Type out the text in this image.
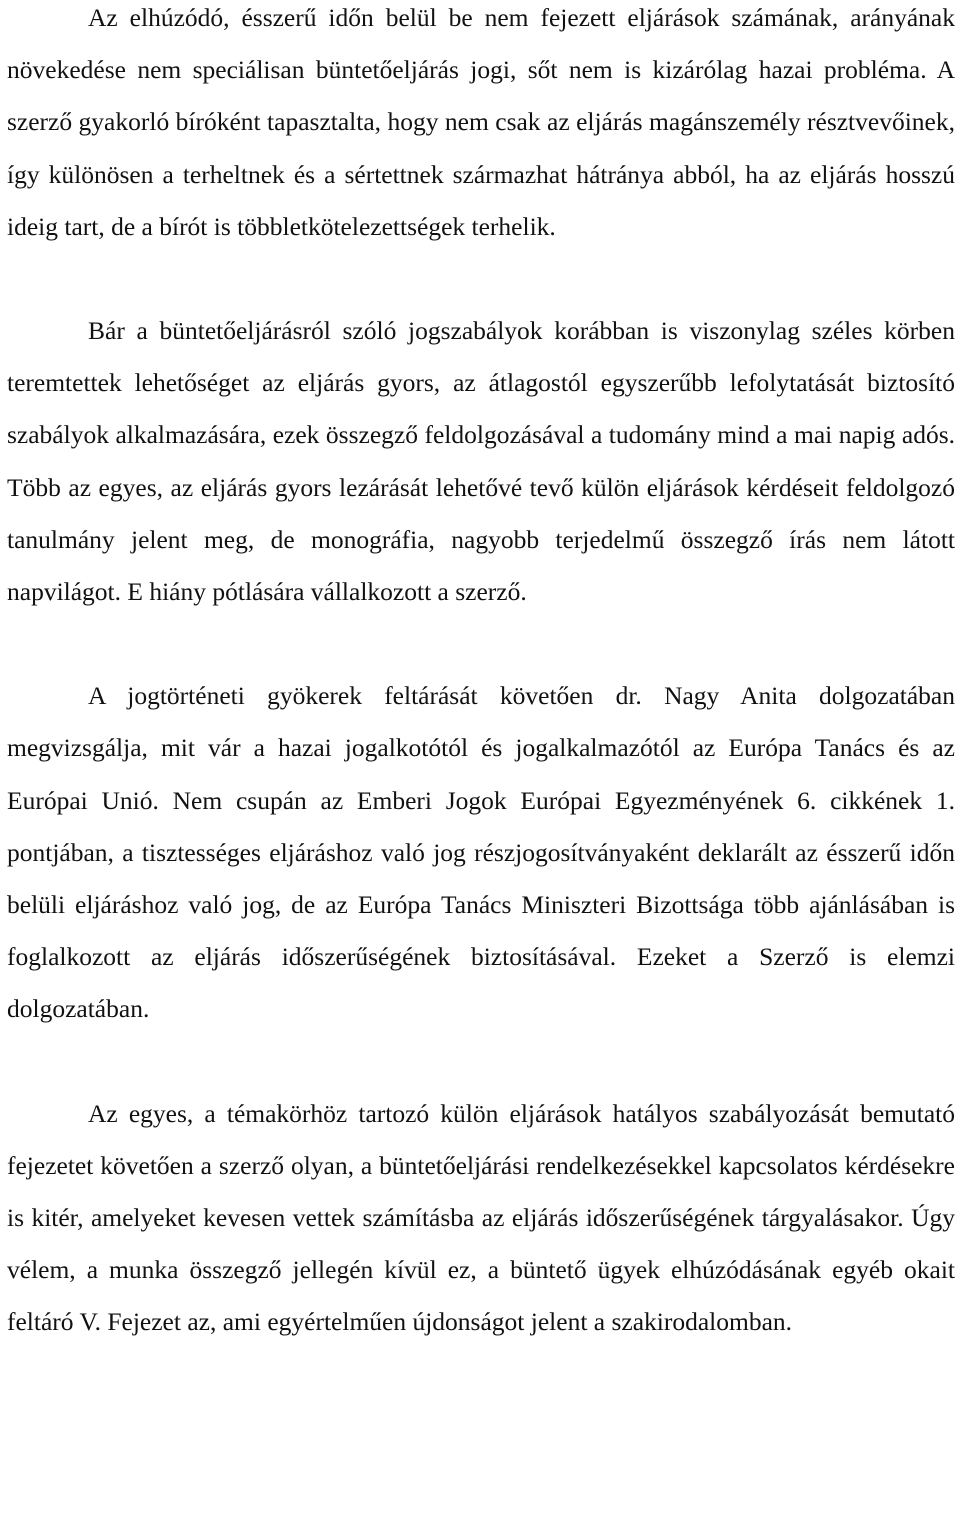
Az elhúzódó, ésszerű időn belül be nem fejezett eljárások számának, arányának növekedése nem speciálisan büntetőeljárás jogi, sőt nem is kizárólag hazai probléma. A szerző gyakorló bíróként tapasztalta, hogy nem csak az eljárás magánszemély résztvevőinek, így különösen a terheltnek és a sértettnek származhat hátránya abból, ha az eljárás hosszú ideig tart, de a bírót is többletkötelezettségek terhelik.

Bár a büntetőeljárásról szóló jogszabályok korábban is viszonylag széles körben teremtettek lehetőséget az eljárás gyors, az átlagostól egyszerűbb lefolytatását biztosító szabályok alkalmazására, ezek összegző feldolgozásával a tudomány mind a mai napig adós. Több az egyes, az eljárás gyors lezárását lehetővé tevő külön eljárások kérdéseit feldolgozó tanulmány jelent meg, de monográfia, nagyobb terjedelmű összegző írás nem látott napvilágot. E hiány pótlására vállalkozott a szerző.

A jogtörténeti gyökerek feltárását követően dr. Nagy Anita dolgozatában megvizsgálja, mit vár a hazai jogalkotótól és jogalkalmazótól az Európa Tanács és az Európai Unió. Nem csupán az Emberi Jogok Európai Egyezményének 6. cikkének 1. pontjában, a tisztességes eljáráshoz való jog részjogosítványaként deklarált az ésszerű időn belüli eljáráshoz való jog, de az Európa Tanács Miniszteri Bizottsága több ajánlásában is foglalkozott az eljárás időszerűségének biztosításával. Ezeket a Szerző is elemzi dolgozatában.

Az egyes, a témakörhöz tartozó külön eljárások hatályos szabályozását bemutató fejezetet követően a szerző olyan, a büntetőeljárási rendelkezésekkel kapcsolatos kérdésekre is kitér, amelyeket kevesen vettek számításba az eljárás időszerűségének tárgyalásakor. Úgy vélem, a munka összegző jellegén kívül ez, a büntető ügyek elhúzódásának egyéb okait feltáró V. Fejezet az, ami egyértelműen újdonságot jelent a szakirodalomban.
